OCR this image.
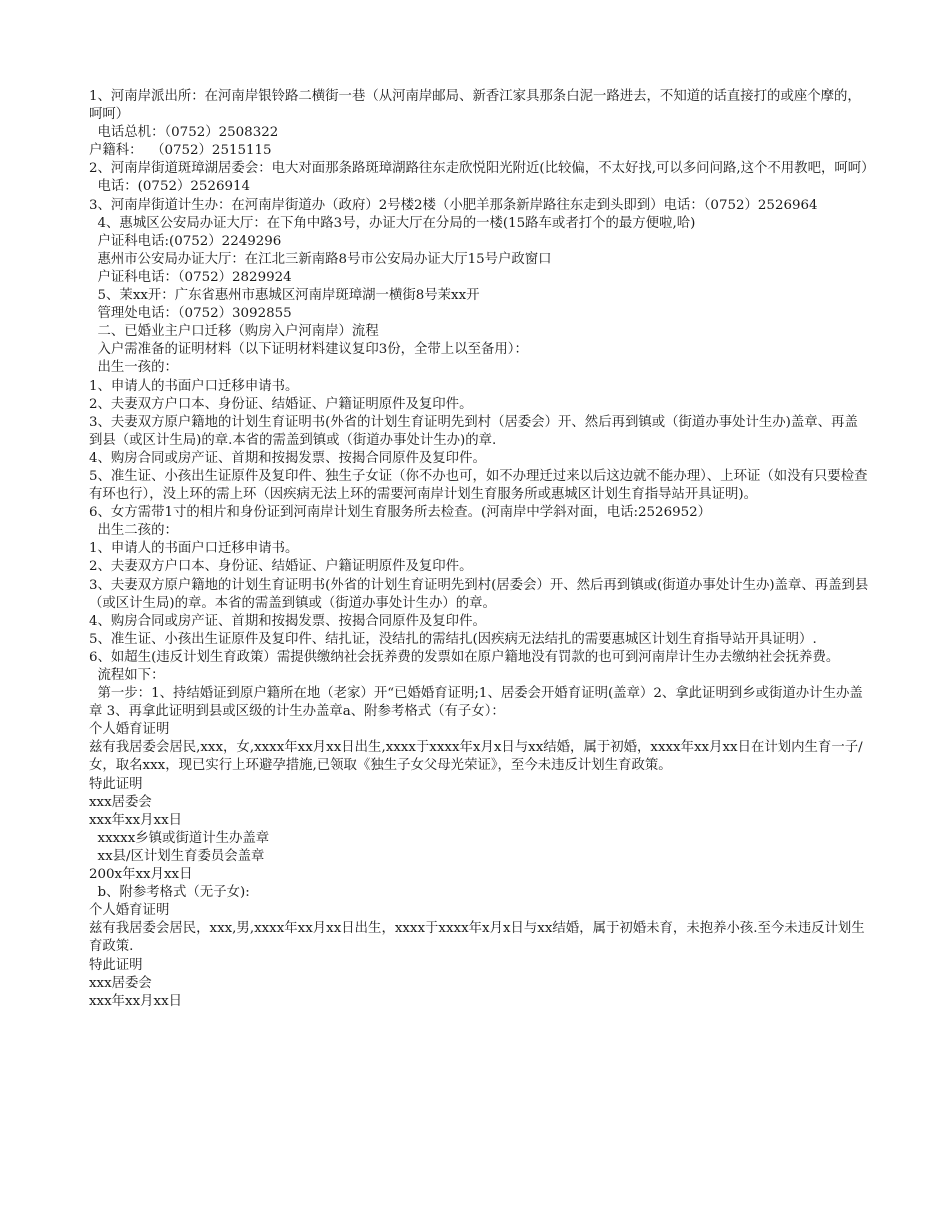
1、河南岸派出所：在河南岸银铃路二横街一巷（从河南岸邮局、新香江家具那条白泥一路进去，不知道的话直接打的或座个摩的，呵呵）

电话总机：（0752）2508322

户籍科：  （0752）2515115

2、河南岸街道斑璋湖居委会：电大对面那条路斑璋湖路往东走欣悦阳光附近(比较偏，不太好找,可以多问问路,这个不用教吧，呵呵）

电话：(0752）2526914

3、河南岸街道计生办：在河南岸街道办（政府）2号楼2楼（小肥羊那条新岸路往东走到头即到）电话：（0752）2526964

4、惠城区公安局办证大厅：在下角中路3号，办证大厅在分局的一楼(15路车或者打个的最方便啦,哈)

户证科电话:(0752）2249296

惠州市公安局办证大厅：在江北三新南路8号市公安局办证大厅15号户政窗口

户证科电话：（0752）2829924

5、茉xx开：广东省惠州市惠城区河南岸斑璋湖一横街8号茉xx开

管理处电话：（0752）3092855

二、已婚业主户口迁移（购房入户河南岸）流程

入户需准备的证明材料（以下证明材料建议复印3份，全带上以至备用）：

出生一孩的：

1、申请人的书面户口迁移申请书。

2、夫妻双方户口本、身份证、结婚证、户籍证明原件及复印件。

3、夫妻双方原户籍地的计划生育证明书(外省的计划生育证明先到村（居委会）开、然后再到镇或（街道办事处计生办)盖章、再盖到县（或区计生局)的章.本省的需盖到镇或（街道办事处计生办)的章.

4、购房合同或房产证、首期和按揭发票、按揭合同原件及复印件。

5、准生证、小孩出生证原件及复印件、独生子女证（你不办也可，如不办理迁过来以后这边就不能办理）、上环证（如没有只要检查有环也行），没上环的需上环（因疾病无法上环的需要河南岸计划生育服务所或惠城区计划生育指导站开具证明)。

6、女方需带1寸的相片和身份证到河南岸计划生育服务所去检查。(河南岸中学斜对面，电话:2526952）

出生二孩的：

1、申请人的书面户口迁移申请书。

2、夫妻双方户口本、身份证、结婚证、户籍证明原件及复印件。

3、夫妻双方原户籍地的计划生育证明书(外省的计划生育证明先到村(居委会）开、然后再到镇或(街道办事处计生办)盖章、再盖到县（或区计生局)的章。本省的需盖到镇或（街道办事处计生办）的章。

4、购房合同或房产证、首期和按揭发票、按揭合同原件及复印件。

5、准生证、小孩出生证原件及复印件、结扎证，没结扎的需结扎(因疾病无法结扎的需要惠城区计划生育指导站开具证明）.

6、如超生(违反计划生育政策）需提供缴纳社会抚养费的发票如在原户籍地没有罚款的也可到河南岸计生办去缴纳社会抚养费。

流程如下：

第一步：1、持结婚证到原户籍所在地（老家）开“已婚婚育证明;1、居委会开婚育证明(盖章）2、拿此证明到乡或街道办计生办盖章 3、再拿此证明到县或区级的计生办盖章a、附参考格式（有子女）：

个人婚育证明

兹有我居委会居民,xxx，女,xxxx年xx月xx日出生,xxxx于xxxx年x月x日与xx结婚，属于初婚，xxxx年xx月xx日在计划内生育一子/女，取名xxx，现已实行上环避孕措施,已领取《独生子女父母光荣证》，至今未违反计划生育政策。

特此证明

xxx居委会

xxx年xx月xx日

xxxxx乡镇或街道计生办盖章

xx县/区计划生育委员会盖章

200x年xx月xx日

b、附参考格式（无子女):

个人婚育证明

兹有我居委会居民，xxx,男,xxxx年xx月xx日出生，xxxx于xxxx年x月x日与xx结婚，属于初婚未育，未抱养小孩.至今未违反计划生育政策.

特此证明

xxx居委会

xxx年xx月xx日
